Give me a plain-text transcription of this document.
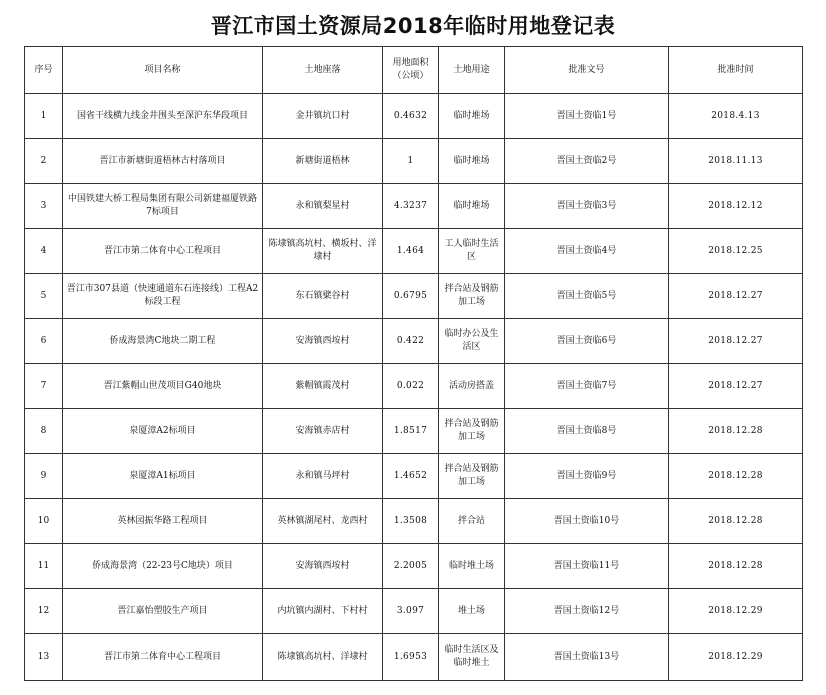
晋江市国土资源局2018年临时用地登记表
序号	项目名称	土地座落	用地面积（公顷）	土地用途	批准文号	批准时间
1	国省干线横九线金井围头至深沪东华段项目	金井镇坑口村	0.4632	临时堆场	晋国土资临1号	2018.4.13
2	晋江市新塘街道梧林古村落项目	新塘街道梧林	1	临时堆场	晋国土资临2号	2018.11.13
3	中国铁建大桥工程局集团有限公司新建福厦铁路7标项目	永和镇梨星村	4.3237	临时堆场	晋国土资临3号	2018.12.12
4	晋江市第二体育中心工程项目	陈埭镇高坑村、横坂村、洋埭村	1.464	工人临时生活区	晋国土资临4号	2018.12.25
5	晋江市307县道（快速通道东石连接线）工程A2标段工程	东石镇檗谷村	0.6795	拌合站及钢筋加工场	晋国土资临5号	2018.12.27
6	侨成海景湾C地块二期工程	安海镇西垵村	0.422	临时办公及生活区	晋国土资临6号	2018.12.27
7	晋江紫帽山世茂项目G40地块	紫帽镇霞茂村	0.022	活动房搭盖	晋国土资临7号	2018.12.27
8	泉厦漳A2标项目	安海镇赤店村	1.8517	拌合站及钢筋加工场	晋国土资临8号	2018.12.28
9	泉厦漳A1标项目	永和镇马坪村	1.4652	拌合站及钢筋加工场	晋国土资临9号	2018.12.28
10	英林园振华路工程项目	英林镇湖尾村、龙西村	1.3508	拌合站	晋国土资临10号	2018.12.28
11	侨成海景湾（22-23号C地块）项目	安海镇西垵村	2.2005	临时堆土场	晋国土资临11号	2018.12.28
12	晋江嘉怡塑胶生产项目	内坑镇内湖村、下村村	3.097	堆土场	晋国土资临12号	2018.12.29
13	晋江市第二体育中心工程项目	陈埭镇高坑村、洋埭村	1.6953	临时生活区及临时堆土	晋国土资临13号	2018.12.29
